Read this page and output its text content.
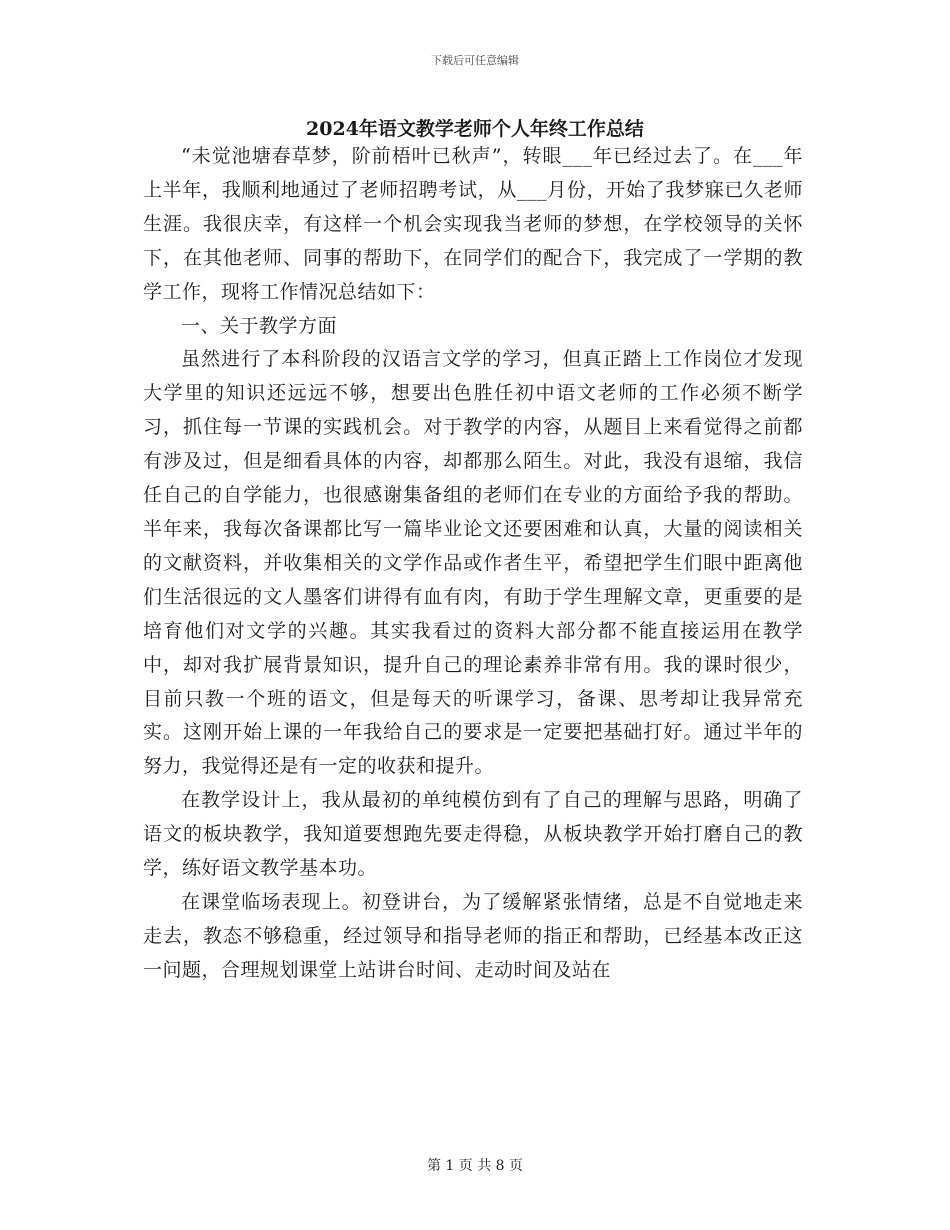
下载后可任意编辑
2024年语文教学老师个人年终工作总结

“未觉池塘春草梦，阶前梧叶已秋声”，转眼___年已经过去了。在___年上半年，我顺利地通过了老师招聘考试，从___月份，开始了我梦寐已久老师生涯。我很庆幸，有这样一个机会实现我当老师的梦想，在学校领导的关怀下，在其他老师、同事的帮助下，在同学们的配合下，我完成了一学期的教学工作，现将工作情况总结如下：

一、关于教学方面

虽然进行了本科阶段的汉语言文学的学习，但真正踏上工作岗位才发现大学里的知识还远远不够，想要出色胜任初中语文老师的工作必须不断学习，抓住每一节课的实践机会。对于教学的内容，从题目上来看觉得之前都有涉及过，但是细看具体的内容，却都那么陌生。对此，我没有退缩，我信任自己的自学能力，也很感谢集备组的老师们在专业的方面给予我的帮助。半年来，我每次备课都比写一篇毕业论文还要困难和认真，大量的阅读相关的文献资料，并收集相关的文学作品或作者生平，希望把学生们眼中距离他们生活很远的文人墨客们讲得有血有肉，有助于学生理解文章，更重要的是培育他们对文学的兴趣。其实我看过的资料大部分都不能直接运用在教学中，却对我扩展背景知识，提升自己的理论素养非常有用。我的课时很少，目前只教一个班的语文，但是每天的听课学习，备课、思考却让我异常充实。这刚开始上课的一年我给自己的要求是一定要把基础打好。通过半年的努力，我觉得还是有一定的收获和提升。

在教学设计上，我从最初的单纯模仿到有了自己的理解与思路，明确了语文的板块教学，我知道要想跑先要走得稳，从板块教学开始打磨自己的教学，练好语文教学基本功。

在课堂临场表现上。初登讲台，为了缓解紧张情绪，总是不自觉地走来走去，教态不够稳重，经过领导和指导老师的指正和帮助，已经基本改正这一问题，合理规划课堂上站讲台时间、走动时间及站在

第 1 页 共 8 页
